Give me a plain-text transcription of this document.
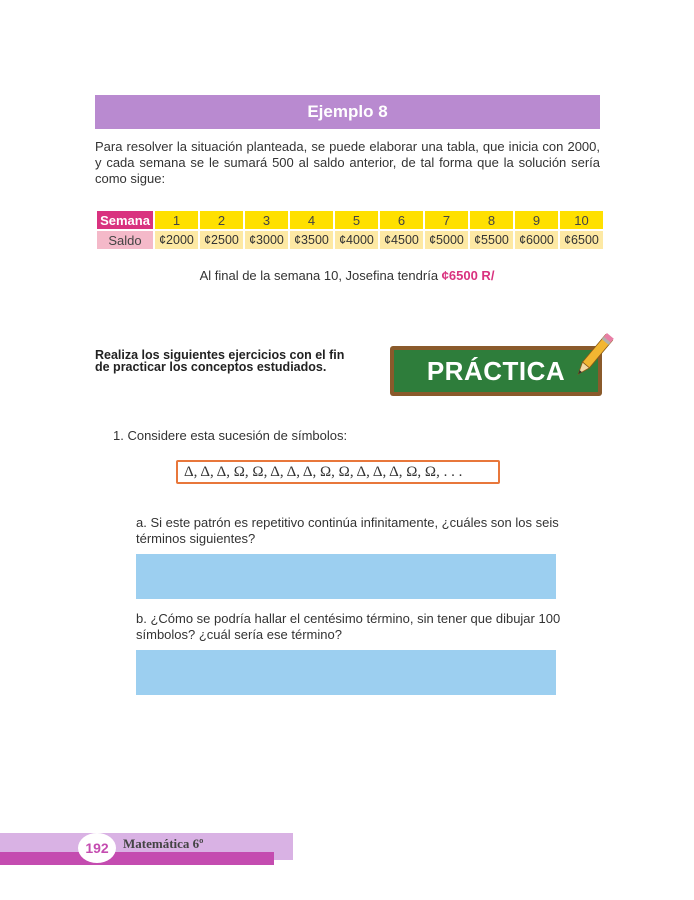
Ejemplo 8
Para resolver la situación planteada, se puede elaborar una tabla, que inicia con 2000, y cada semana se le sumará 500 al saldo anterior, de tal forma que la solución sería como sigue:
Semana	1	2	3	4	5	6	7	8	9	10
Saldo	¢2000	¢2500	¢3000	¢3500	¢4000	¢4500	¢5000	¢5500	¢6000	¢6500
Al final de la semana 10, Josefina tendría ¢6500 R/
Realiza los siguientes ejercicios con el fin de practicar los conceptos estudiados.	PRÁCTICA
1. Considere esta sucesión de símbolos:
Δ, Δ, Δ, Ω, Ω, Δ, Δ, Δ, Ω, Ω, Δ, Δ, Δ, Ω, Ω, . . .
a. Si este patrón es repetitivo continúa infinitamente, ¿cuáles son los seis términos siguientes?
b. ¿Cómo se podría hallar el centésimo término, sin tener que dibujar 100 símbolos? ¿cuál sería ese término?
192	Matemática 6º
